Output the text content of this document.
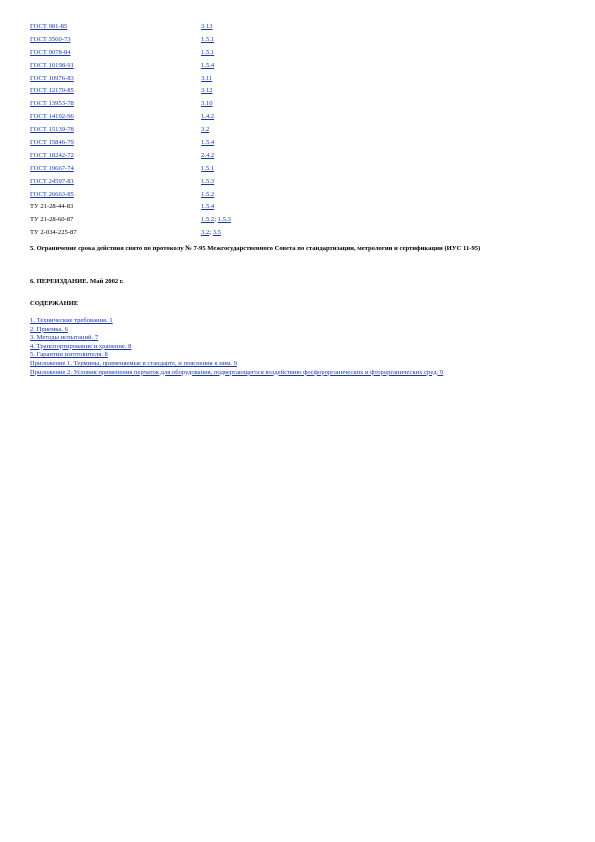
ГОСТ 981-85	3.13
ГОСТ 3560-73	1.5.1
ГОСТ 9078-84	1.5.1
ГОСТ 10198-91	1.5.4
ГОСТ 10976-83	3.11
ГОСТ 12170-85	3.12
ГОСТ 13953-78	3.10
ГОСТ 14192-96	1.4.2
ГОСТ 15139-78	3.2
ГОСТ 15846-79	1.5.4
ГОСТ 18242-72	2.4.2
ГОСТ 19667-74	1.5.1
ГОСТ 24597-81	1.5.3
ГОСТ 26663-85	1.5.2
ТУ 21-28-44-83	1.5.4
ТУ 21-28-60-87	1.5.2; 1.5.3
ТУ 2-034-225-87	3.2; 3.5
5. Ограничение срока действия снято по протоколу № 7-95 Межгосударственного Совета по стандартизации, метрологии и сертификации (ИУС 11-95)
6. ПЕРЕИЗДАНИЕ. Май 2002 г.
СОДЕРЖАНИЕ
1. Технические требования. 1
2. Приемка. 6
3. Методы испытаний. 7
4. Транспортирование и хранение. 8
5. Гарантии изготовителя. 8
Приложение 1. Термины, применяемые в стандарте, и пояснения к ним. 9
Приложение 2. Условия применения перчаток для оборудования, подвергающегося воздействию фосфорорганических и фторорганических сред. 9
